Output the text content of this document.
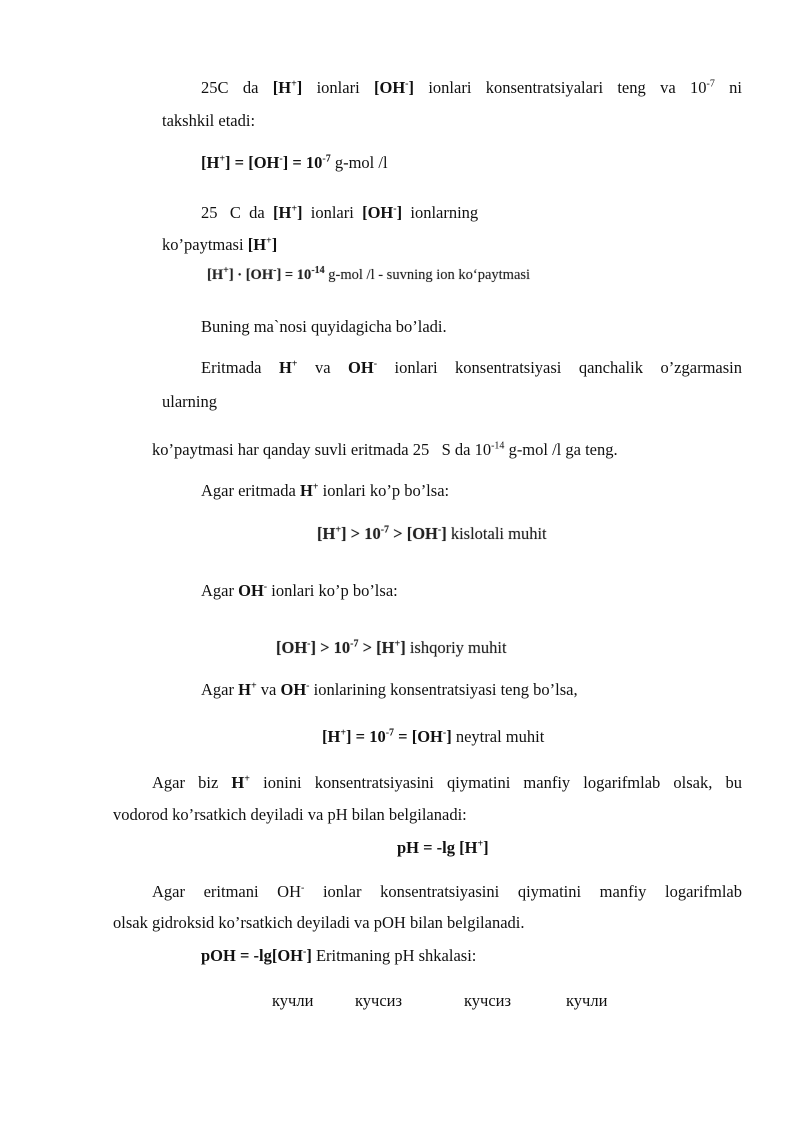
25C da [H+] ionlari [OH-] ionlari konsentratsiyalari teng va $10^{-7}$ ni
takshkil etadi:
$[H^+] = [OH^-] = 10^{-7}$ g-mol /l
25   C  da  [H+]  ionlari  [OH-]  ionlarning
ko’paytmasi [H+]
$[H^+] \cdot [OH^-] = 10^{-14}$ g-mol /l - suvning ion ko‘paytmasi
Buning ma`nosi quyidagicha bo’ladi.
Eritmada H+ va OH- ionlari konsentratsiyasi qanchalik o’zgarmasin
ularning
ko’paytmasi har qanday suvli eritmada 25   S da $10^{-14}$ g-mol /l ga teng.
Agar eritmada H+ ionlari ko’p bo’lsa:
$[H^+] > 10^{-7} > [OH^-]$ kislotali muhit
Agar OH- ionlari ko’p bo’lsa:
$[OH^-] > 10^{-7} > [H^+]$ ishqoriy muhit
Agar H+ va OH- ionlarining konsentratsiyasi teng bo’lsa,
$[H^+] = 10^{-7} = [OH^-]$ neytral muhit
Agar biz H+ ionini konsentratsiyasini qiymatini manfiy logarifmlab olsak, bu
vodorod ko’rsatkich deyiladi va pH bilan belgilanadi:
pH = -lg [H+]
Agar eritmani OH- ionlar konsentratsiyasini qiymatini manfiy logarifmlab
olsak gidroksid ko’rsatkich deyiladi va pOH bilan belgilanadi.
pOH = -lg[OH-] Eritmaning pH shkalasi:
кучли	кучсиз	кучсиз	кучли
